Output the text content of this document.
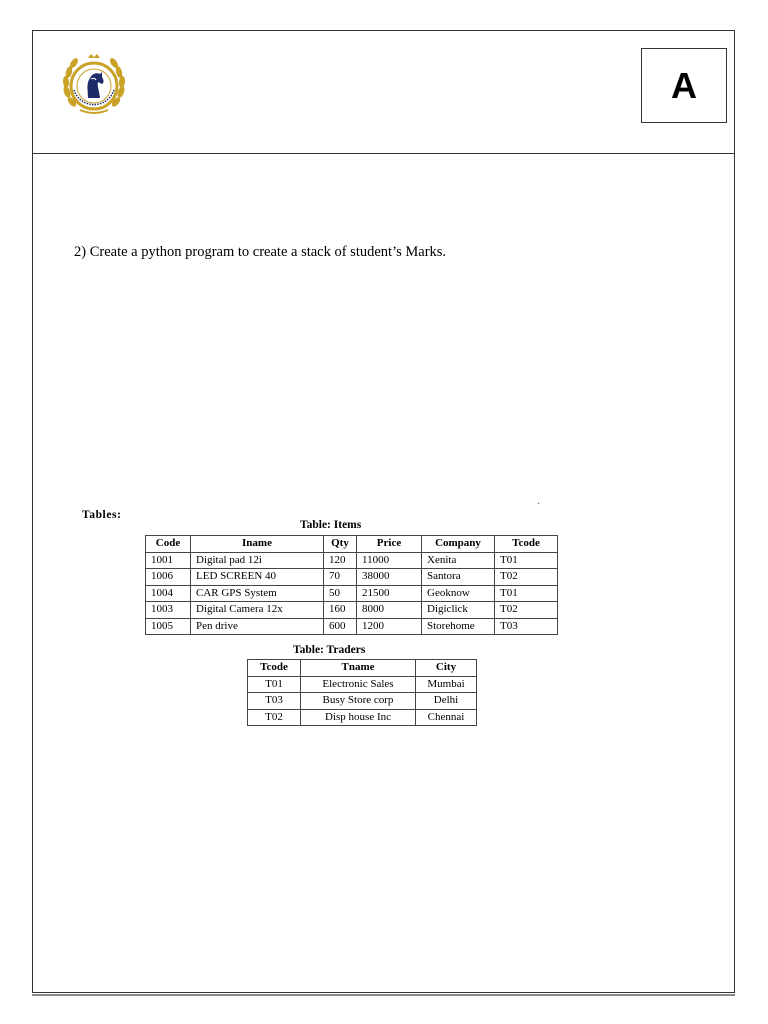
A
2) Create a python program to create a stack of student’s Marks.
Tables:
·
Table: Items
Code	Iname	Qty	Price	Company	Tcode
1001	Digital pad 12i	120	11000	Xenita	T01
1006	LED SCREEN 40	70	38000	Santora	T02
1004	CAR GPS System	50	21500	Geoknow	T01
1003	Digital Camera 12x	160	8000	Digiclick	T02
1005	Pen drive	600	1200	Storehome	T03
Table: Traders
Tcode	Tname	City
T01	Electronic Sales	Mumbai
T03	Busy Store corp	Delhi
T02	Disp house Inc	Chennai
